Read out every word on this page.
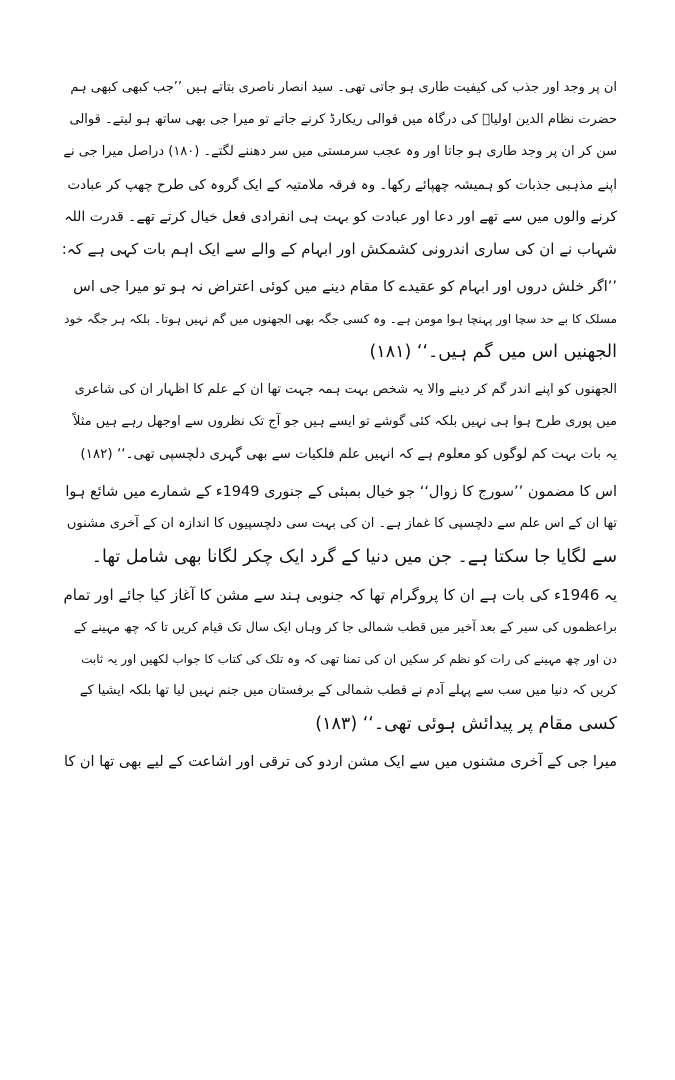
ان پر وجد اور جذب کی کیفیت طاری ہو جاتی تھی۔ سید انصار ناصری بتاتے ہیں ’’جب کبھی کبھی ہم
حضرت نظام الدین اولیاؒ کی درگاہ میں قوالی ریکارڈ کرنے جاتے تو میرا جی بھی ساتھ ہو لیتے۔ قوالی
سن کر ان پر وجد طاری ہو جاتا اور وہ عجب سرمستی میں سر دھننے لگتے۔ (۱۸۰) دراصل میرا جی نے
اپنے مذہبی جذبات کو ہمیشہ چھپائے رکھا۔ وہ فرقہ ملامتیہ کے ایک گروہ کی طرح چھپ کر عبادت
کرنے والوں میں سے تھے اور دعا اور عبادت کو بہت ہی انفرادی فعل خیال کرتے تھے۔ قدرت اللہ
شہاب نے ان کی ساری اندرونی کشمکش اور ابہام کے والے سے ایک اہم بات کہی ہے کہ:
’’اگر خلش دروں اور ابہام کو عقیدے کا مقام دینے میں کوئی اعتراض نہ ہو تو میرا جی اس
مسلک کا بے حد سچا اور پہنچا ہوا مومن ہے۔ وہ کسی جگہ بھی الجھنوں میں گم نہیں ہوتا۔ بلکہ ہر جگہ خود
الجھنیں اس میں گم ہیں۔‘‘ (۱۸۱)
الجھنوں کو اپنے اندر گم کر دینے والا یہ شخص بہت ہمہ جہت تھا ان کے علم کا اظہار ان کی شاعری
میں پوری طرح ہوا ہی نہیں بلکہ کئی گوشے تو ایسے ہیں جو آج تک نظروں سے اوجھل رہے ہیں مثلاً
یہ بات بہت کم لوگوں کو معلوم ہے کہ انہیں علم فلکیات سے بھی گہری دلچسپی تھی۔‘‘ (۱۸۲)
اس کا مضمون ’’سورج کا زوال‘‘ جو خیال بمبئی کے جنوری 1949ء کے شمارے میں شائع ہوا
تھا ان کے اس علم سے دلچسپی کا غماز ہے۔ ان کی بہت سی دلچسپیوں کا اندازہ ان کے آخری مشنوں
سے لگایا جا سکتا ہے۔ جن میں دنیا کے گرد ایک چکر لگانا بھی شامل تھا۔
یہ 1946ء کی بات ہے ان کا پروگرام تھا کہ جنوبی ہند سے مشن کا آغاز کیا جائے اور تمام
براعظموں کی سیر کے بعد آخیر میں قطب شمالی جا کر وہاں ایک سال تک قیام کریں تا کہ چھ مہینے کے
دن اور چھ مہینے کی رات کو نظم کر سکیں ان کی تمنا تھی کہ وہ تلک کی کتاب کا جواب لکھیں اور یہ ثابت
کریں کہ دنیا میں سب سے پہلے آدم نے قطب شمالی کے برفستان میں جنم نہیں لیا تھا بلکہ ایشیا کے
کسی مقام پر پیدائش ہوئی تھی۔‘‘ (۱۸۳)
میرا جی کے آخری مشنوں میں سے ایک مشن اردو کی ترقی اور اشاعت کے لیے بھی تھا ان کا
